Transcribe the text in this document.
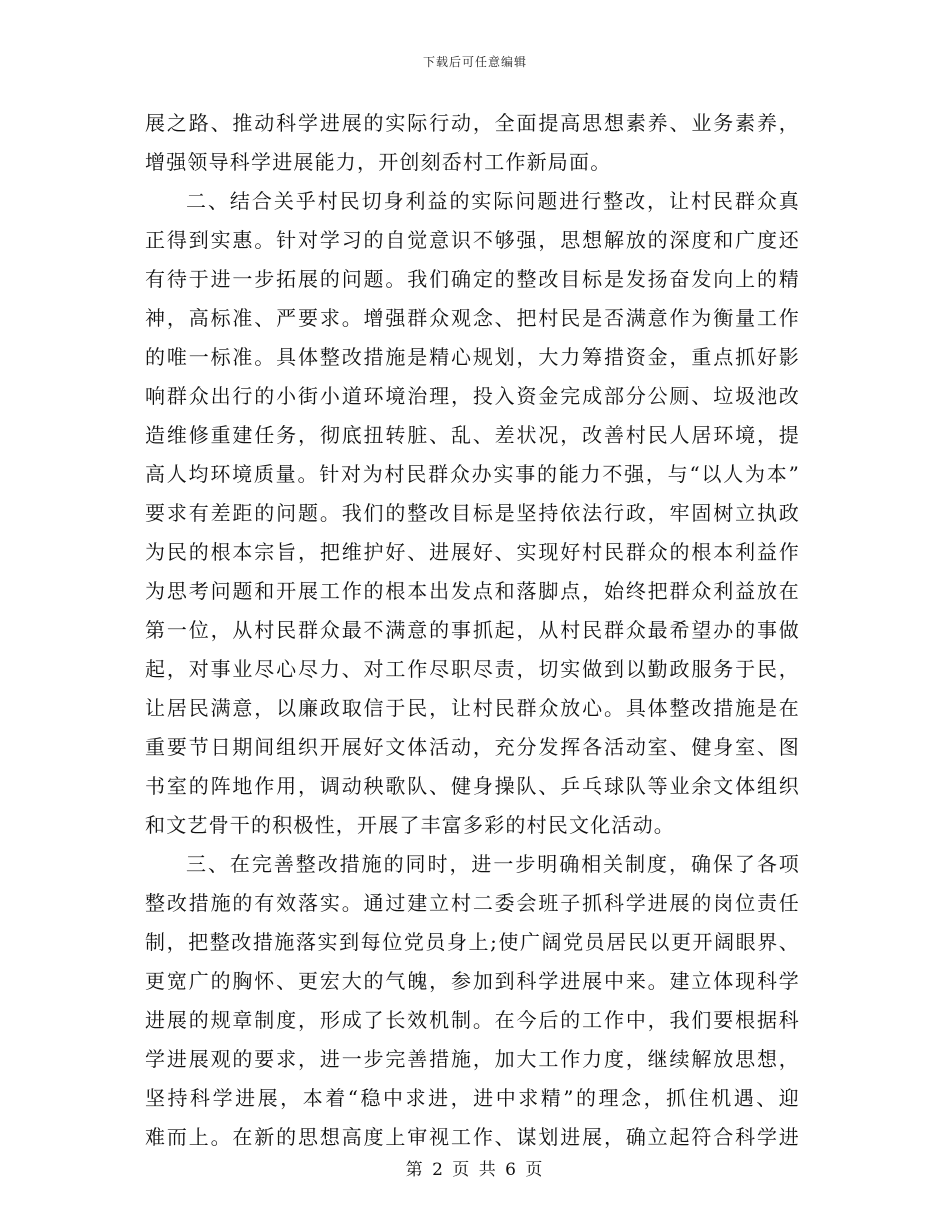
下载后可任意编辑
展之路、推动科学进展的实际行动，全面提高思想素养、业务素养，
增强领导科学进展能力，开创刻岙村工作新局面。
二、结合关乎村民切身利益的实际问题进行整改，让村民群众真
正得到实惠。针对学习的自觉意识不够强，思想解放的深度和广度还
有待于进一步拓展的问题。我们确定的整改目标是发扬奋发向上的精
神，高标准、严要求。增强群众观念、把村民是否满意作为衡量工作
的唯一标准。具体整改措施是精心规划，大力筹措资金，重点抓好影
响群众出行的小街小道环境治理，投入资金完成部分公厕、垃圾池改
造维修重建任务，彻底扭转脏、乱、差状况，改善村民人居环境，提
高人均环境质量。针对为村民群众办实事的能力不强，与“以人为本”
要求有差距的问题。我们的整改目标是坚持依法行政，牢固树立执政
为民的根本宗旨，把维护好、进展好、实现好村民群众的根本利益作
为思考问题和开展工作的根本出发点和落脚点，始终把群众利益放在
第一位，从村民群众最不满意的事抓起，从村民群众最希望办的事做
起，对事业尽心尽力、对工作尽职尽责，切实做到以勤政服务于民，
让居民满意，以廉政取信于民，让村民群众放心。具体整改措施是在
重要节日期间组织开展好文体活动，充分发挥各活动室、健身室、图
书室的阵地作用，调动秧歌队、健身操队、乒乓球队等业余文体组织
和文艺骨干的积极性，开展了丰富多彩的村民文化活动。
三、在完善整改措施的同时，进一步明确相关制度，确保了各项
整改措施的有效落实。通过建立村二委会班子抓科学进展的岗位责任
制，把整改措施落实到每位党员身上;使广阔党员居民以更开阔眼界、
更宽广的胸怀、更宏大的气魄，参加到科学进展中来。建立体现科学
进展的规章制度，形成了长效机制。在今后的工作中，我们要根据科
学进展观的要求，进一步完善措施，加大工作力度，继续解放思想，
坚持科学进展，本着“稳中求进，进中求精”的理念，抓住机遇、迎
难而上。在新的思想高度上审视工作、谋划进展，确立起符合科学进
第 2 页 共 6 页
